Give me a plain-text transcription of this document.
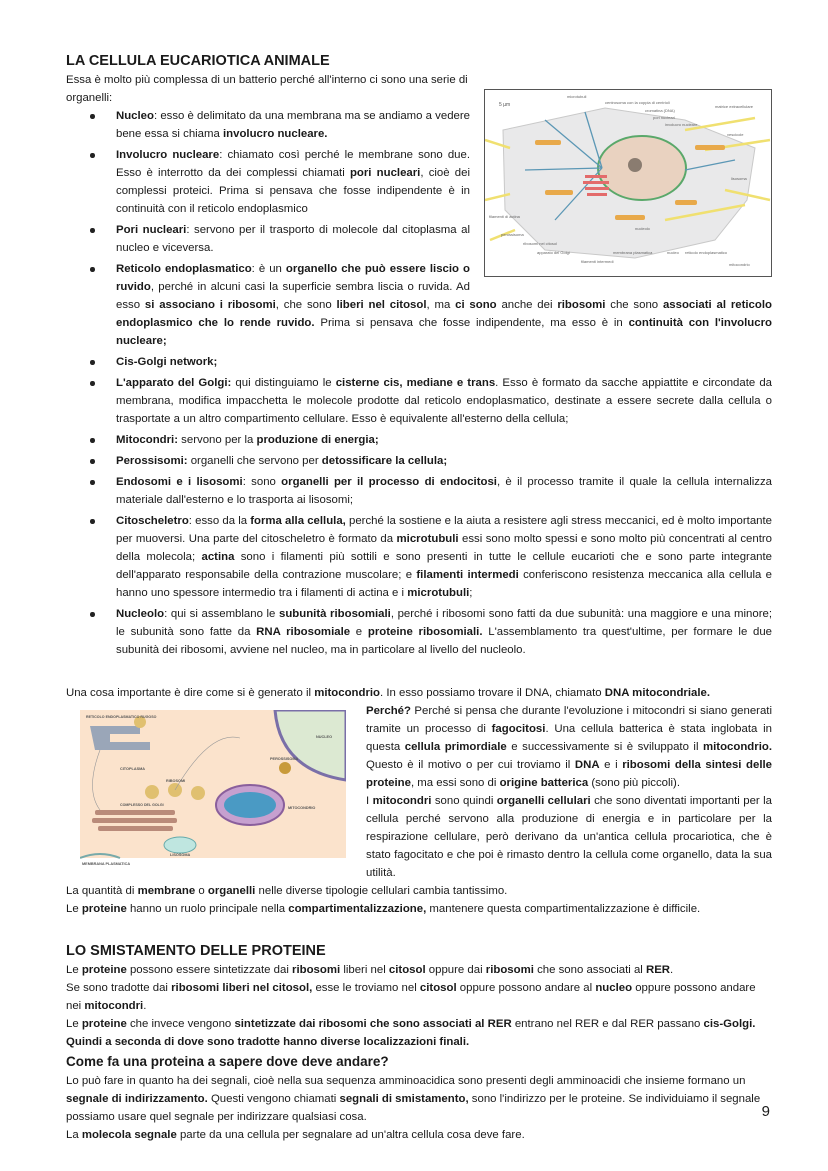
LA CELLULA EUCARIOTICA ANIMALE
5 µm
microtubuli
centrosoma con la coppia di centrioli
cromatina (DNA)
pori nucleari
involucro nucleare
matrice extracellulare
vescicole
lisosoma
filamenti di actina
perossisoma
ribosomi nel citosol
apparato del Golgi
filamenti intermedi
membrana plasmatica
nucleolo
nucleo reticolo endoplasmatico
mitocondrio

Essa è molto più complessa di un batterio perché all'interno ci sono una serie di organelli:

Nucleo: esso è delimitato da una membrana ma se andiamo a vedere bene essa si chiama involucro nucleare.
Involucro nucleare: chiamato così perché le membrane sono due. Esso è interrotto da dei complessi chiamati pori nucleari, cioè dei complessi proteici. Prima si pensava che fosse indipendente è in continuità con il reticolo endoplasmico
Pori nucleari: servono per il trasporto di molecole dal citoplasma al nucleo e viceversa.
Reticolo endoplasmatico: è un organello che può essere liscio o ruvido, perché in alcuni casi la superficie sembra liscia o ruvida. Ad esso si associano i ribosomi, che sono liberi nel citosol, ma ci sono anche dei ribosomi che sono associati al reticolo endoplasmico che lo rende ruvido. Prima si pensava che fosse indipendente, ma esso è in continuità con l'involucro nucleare;
Cis-Golgi network;
L'apparato del Golgi: qui distinguiamo le cisterne cis, mediane e trans. Esso è formato da sacche appiattite e circondate da membrana, modifica impacchetta le molecole prodotte dal reticolo endoplasmatico, destinate a essere secrete dalla cellula o trasportate a un altro compartimento cellulare. Esso è equivalente all'esterno della cellula;
Mitocondri: servono per la produzione di energia;
Perossisomi: organelli che servono per detossificare la cellula;
Endosomi e i lisosomi: sono organelli per il processo di endocitosi, è il processo tramite il quale la cellula internalizza materiale dall'esterno e lo trasporta ai lisosomi;
Citoscheletro: esso da la forma alla cellula, perché la sostiene e la aiuta a resistere agli stress meccanici, ed è molto importante per muoversi. Una parte del citoscheletro è formato da microtubuli essi sono molto spessi e sono molto più concentrati al centro della molecola; actina sono i filamenti più sottili e sono presenti in tutte le cellule eucarioti che e sono parte integrante dell'apparato responsabile della contrazione muscolare; e filamenti intermedi conferiscono resistenza meccanica alla cellula e hanno uno spessore intermedio tra i filamenti di actina e i microtubuli;
Nucleolo: qui si assemblano le subunità ribosomiali, perché i ribosomi sono fatti da due subunità: una maggiore e una minore; le subunità sono fatte da RNA ribosomiale e proteine ribosomiali. L'assemblamento tra quest'ultime, per formare le due subunità dei ribosomi, avviene nel nucleo, ma in particolare al livello del nucleolo.

Una cosa importante è dire come si è generato il mitocondrio. In esso possiamo trovare il DNA, chiamato DNA mitocondriale.

RETICOLO ENDOPLASMATICO RUGOSO
CITOPLASMA
RIBOSOMI
NUCLEO
PEROSSISOMA
MITOCONDRIO
COMPLESSO DEL GOLGI
LISOSOMA
MEMBRANA PLASMATICA

Perché? Perché si pensa che durante l'evoluzione i mitocondri si siano generati tramite un processo di fagocitosi. Una cellula batterica è stata inglobata in questa cellula primordiale e successivamente si è sviluppato il mitocondrio. Questo è il motivo o per cui troviamo il DNA e i ribosomi della sintesi delle proteine, ma essi sono di origine batterica (sono più piccoli).

I mitocondri sono quindi organelli cellulari che sono diventati importanti per la cellula perché servono alla produzione di energia e in particolare per la respirazione cellulare, però derivano da un'antica cellula procariotica, che è stato fagocitato e che poi è rimasto dentro la cellula come organello, data la sua utilità.

La quantità di membrane o organelli nelle diverse tipologie cellulari cambia tantissimo.

Le proteine hanno un ruolo principale nella compartimentalizzazione, mantenere questa compartimentalizzazione è difficile.

LO SMISTAMENTO DELLE PROTEINE

Le proteine possono essere sintetizzate dai ribosomi liberi nel citosol oppure dai ribosomi che sono associati al RER.

Se sono tradotte dai ribosomi liberi nel citosol, esse le troviamo nel citosol oppure possono andare al nucleo oppure possono andare nei mitocondri.

Le proteine che invece vengono sintetizzate dai ribosomi che sono associati al RER entrano nel RER e dal RER passano cis-Golgi.

Quindi a seconda di dove sono tradotte hanno diverse localizzazioni finali.

Come fa una proteina a sapere dove deve andare?

Lo può fare in quanto ha dei segnali, cioè nella sua sequenza amminoacidica sono presenti degli amminoacidi che insieme formano un segnale di indirizzamento. Questi vengono chiamati segnali di smistamento, sono l'indirizzo per le proteine. Se individuiamo il segnale possiamo usare quel segnale per indirizzare qualsiasi cosa.

La molecola segnale parte da una cellula per segnalare ad un'altra cellula cosa deve fare.

9
